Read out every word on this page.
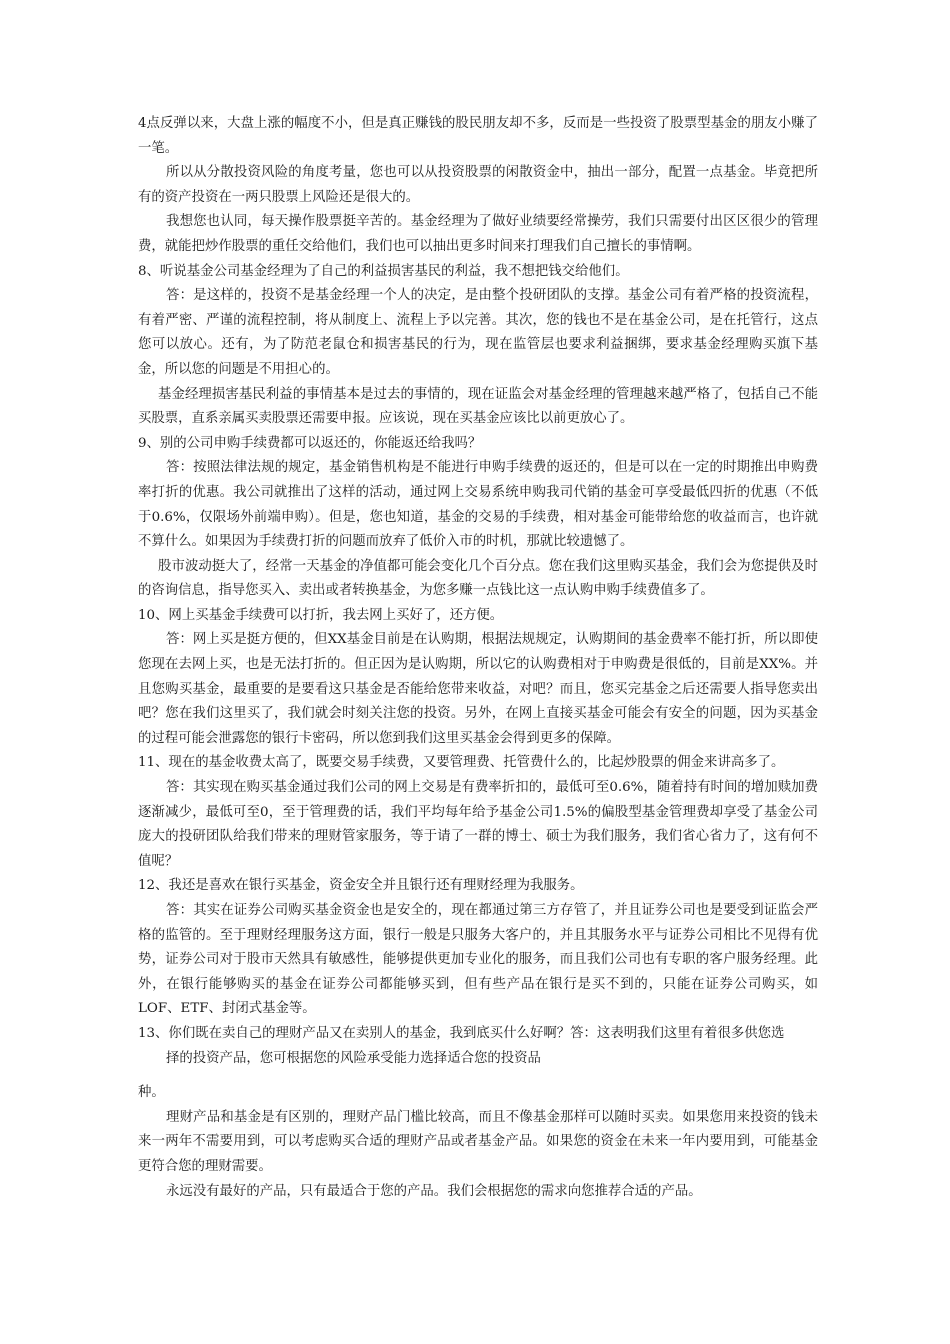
4点反弹以来，大盘上涨的幅度不小，但是真正赚钱的股民朋友却不多，反而是一些投资了股票型基金的朋友小赚了一笔。

所以从分散投资风险的角度考量，您也可以从投资股票的闲散资金中，抽出一部分，配置一点基金。毕竟把所有的资产投资在一两只股票上风险还是很大的。

我想您也认同，每天操作股票挺辛苦的。基金经理为了做好业绩要经常操劳，我们只需要付出区区很少的管理费，就能把炒作股票的重任交给他们，我们也可以抽出更多时间来打理我们自己擅长的事情啊。

8、听说基金公司基金经理为了自己的利益损害基民的利益，我不想把钱交给他们。

答：是这样的，投资不是基金经理一个人的决定，是由整个投研团队的支撑。基金公司有着严格的投资流程，有着严密、严谨的流程控制，将从制度上、流程上予以完善。其次，您的钱也不是在基金公司，是在托管行，这点您可以放心。还有，为了防范老鼠仓和损害基民的行为，现在监管层也要求利益捆绑，要求基金经理购买旗下基金，所以您的问题是不用担心的。

基金经理损害基民利益的事情基本是过去的事情的，现在证监会对基金经理的管理越来越严格了，包括自己不能买股票，直系亲属买卖股票还需要申报。应该说，现在买基金应该比以前更放心了。

9、别的公司申购手续费都可以返还的，你能返还给我吗？

答：按照法律法规的规定，基金销售机构是不能进行申购手续费的返还的，但是可以在一定的时期推出申购费率打折的优惠。我公司就推出了这样的活动，通过网上交易系统申购我司代销的基金可享受最低四折的优惠（不低于0.6%，仅限场外前端申购）。但是，您也知道，基金的交易的手续费，相对基金可能带给您的收益而言，也许就不算什么。如果因为手续费打折的问题而放弃了低价入市的时机，那就比较遗憾了。

股市波动挺大了，经常一天基金的净值都可能会变化几个百分点。您在我们这里购买基金，我们会为您提供及时的咨询信息，指导您买入、卖出或者转换基金，为您多赚一点钱比这一点认购申购手续费值多了。

10、网上买基金手续费可以打折，我去网上买好了，还方便。

答：网上买是挺方便的，但XX基金目前是在认购期，根据法规规定，认购期间的基金费率不能打折，所以即使您现在去网上买，也是无法打折的。但正因为是认购期，所以它的认购费相对于申购费是很低的，目前是XX%。并且您购买基金，最重要的是要看这只基金是否能给您带来收益，对吧？而且，您买完基金之后还需要人指导您卖出吧？您在我们这里买了，我们就会时刻关注您的投资。另外，在网上直接买基金可能会有安全的问题，因为买基金的过程可能会泄露您的银行卡密码，所以您到我们这里买基金会得到更多的保障。

11、现在的基金收费太高了，既要交易手续费，又要管理费、托管费什么的，比起炒股票的佣金来讲高多了。

答：其实现在购买基金通过我们公司的网上交易是有费率折扣的，最低可至0.6%，随着持有时间的增加赎加费逐渐减少，最低可至0，至于管理费的话，我们平均每年给予基金公司1.5%的偏股型基金管理费却享受了基金公司庞大的投研团队给我们带来的理财管家服务，等于请了一群的博士、硕士为我们服务，我们省心省力了，这有何不值呢？

12、我还是喜欢在银行买基金，资金安全并且银行还有理财经理为我服务。

答：其实在证券公司购买基金资金也是安全的，现在都通过第三方存管了，并且证券公司也是要受到证监会严格的监管的。至于理财经理服务这方面，银行一般是只服务大客户的，并且其服务水平与证券公司相比不见得有优势，证券公司对于股市天然具有敏感性，能够提供更加专业化的服务，而且我们公司也有专职的客户服务经理。此外，在银行能够购买的基金在证券公司都能够买到，但有些产品在银行是买不到的，只能在证券公司购买，如LOF、ETF、封闭式基金等。

13、你们既在卖自己的理财产品又在卖别人的基金，我到底买什么好啊？答：这表明我们这里有着很多供您选

择的投资产品，您可根据您的风险承受能力选择适合您的投资品

种。

理财产品和基金是有区别的，理财产品门槛比较高，而且不像基金那样可以随时买卖。如果您用来投资的钱未来一两年不需要用到，可以考虑购买合适的理财产品或者基金产品。如果您的资金在未来一年内要用到，可能基金更符合您的理财需要。

永远没有最好的产品，只有最适合于您的产品。我们会根据您的需求向您推荐合适的产品。
